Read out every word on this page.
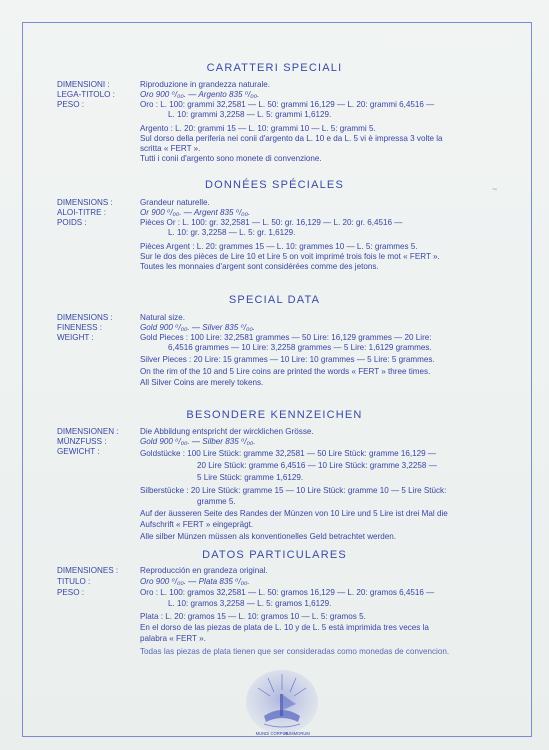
~
CARATTERI SPECIALI
DIMENSIONI :
LEGA-TITOLO :
PESO :
Riproduzione in grandezza naturale.
Oro 900 ⁰/₀₀. — Argento 835 ⁰/₀₀.
Oro : L. 100: grammi 32,2581 — L. 50: grammi 16,129 — L. 20: grammi 6,4516 —
L. 10: grammi 3,2258 — L. 5: grammi 1,6129.
Argento : L. 20: grammi 15 — L. 10: grammi 10 — L. 5: grammi 5.
Sul dorso della periferia nei conii d'argento da L. 10 e da L. 5 vi è impressa 3 volte la
scritta « FERT ».
Tutti i conii d'argento sono monete di convenzione.
DONNÉES SPÉCIALES
DIMENSIONS :
ALOI-TITRE :
POIDS :
Grandeur naturelle.
Or 900 ⁰/₀₀. — Argent 835 ⁰/₀₀.
Pièces Or : L. 100: gr. 32,2581 — L. 50: gr. 16,129 — L. 20: gr. 6,4516 —
L. 10: gr. 3,2258 — L. 5: gr. 1,6129.
Pièces Argent : L. 20: grammes 15 — L. 10: grammes 10 — L. 5: grammes 5.
Sur le dos des pièces de Lire 10 et Lire 5 on voit imprimé trois fois le mot « FERT ».
Toutes les monnaies d'argent sont considérées comme des jetons.
SPECIAL DATA
DIMENSIONS :
FINENESS :
WEIGHT :
Natural size.
Gold 900 ⁰/₀₀. — Silver 835 ⁰/₀₀.
Gold Pieces : 100 Lire: 32,2581 grammes — 50 Lire: 16,129 grammes — 20 Lire:
6,4516 grammes — 10 Lire: 3,2258 grammes — 5 Lire: 1,6129 grammes.
Silver Pieces : 20 Lire: 15 grammes — 10 Lire: 10 grammes — 5 Lire: 5 grammes.
On the rim of the 10 and 5 Lire coins are printed the words « FERT » three times.
All Silver Coins are merely tokens.
BESONDERE KENNZEICHEN
DIMENSIONEN :
MÜNZFUSS :
GEWICHT :
Die Abbildung entspricht der wircklichen Grösse.
Gold 900 ⁰/₀₀. — Silber 835 ⁰/₀₀.
Goldstücke : 100 Lire Stück: gramme 32,2581 — 50 Lire Stück: gramme 16,129 —
20 Lire Stück: gramme 6,4516 — 10 Lire Stück: gramme 3,2258 —
5 Lire Stück: gramme 1,6129.
Silberstücke : 20 Lire Stück: gramme 15 — 10 Lire Stück: gramme 10 — 5 Lire Stück:
gramme 5.
Auf der äusseren Seite des Randes der Münzen von 10 Lire und 5 Lire ist drei Mal die
Aufschrift « FERT » eingeprägt.
Alle silber Münzen müssen als konventionelles Geld betrachtet werden.
DATOS PARTICULARES
DIMENSIONES :
TITULO :
PESO :
Reproducción en grandeza original.
Oro 900 ⁰/₀₀. — Plata 835 ⁰/₀₀.
Oro : L. 100: gramos 32,2581 — L. 50: gramos 16,129 — L. 20: gramos 6,4516 —
L. 10: gramos 3,2258 — L. 5: gramos 1,6129.
Plata : L. 20: gramos 15 — L. 10: gramos 10 — L. 5: gramos 5.
En el dorso de las piezas de plata de L. 10 y de L. 5 está imprimida tres veces la
palabra « FERT ».
Todas las piezas de plata tienen que ser consideradas como monedas de convencion.
MUNDI CORPUS
NUMMORUM
